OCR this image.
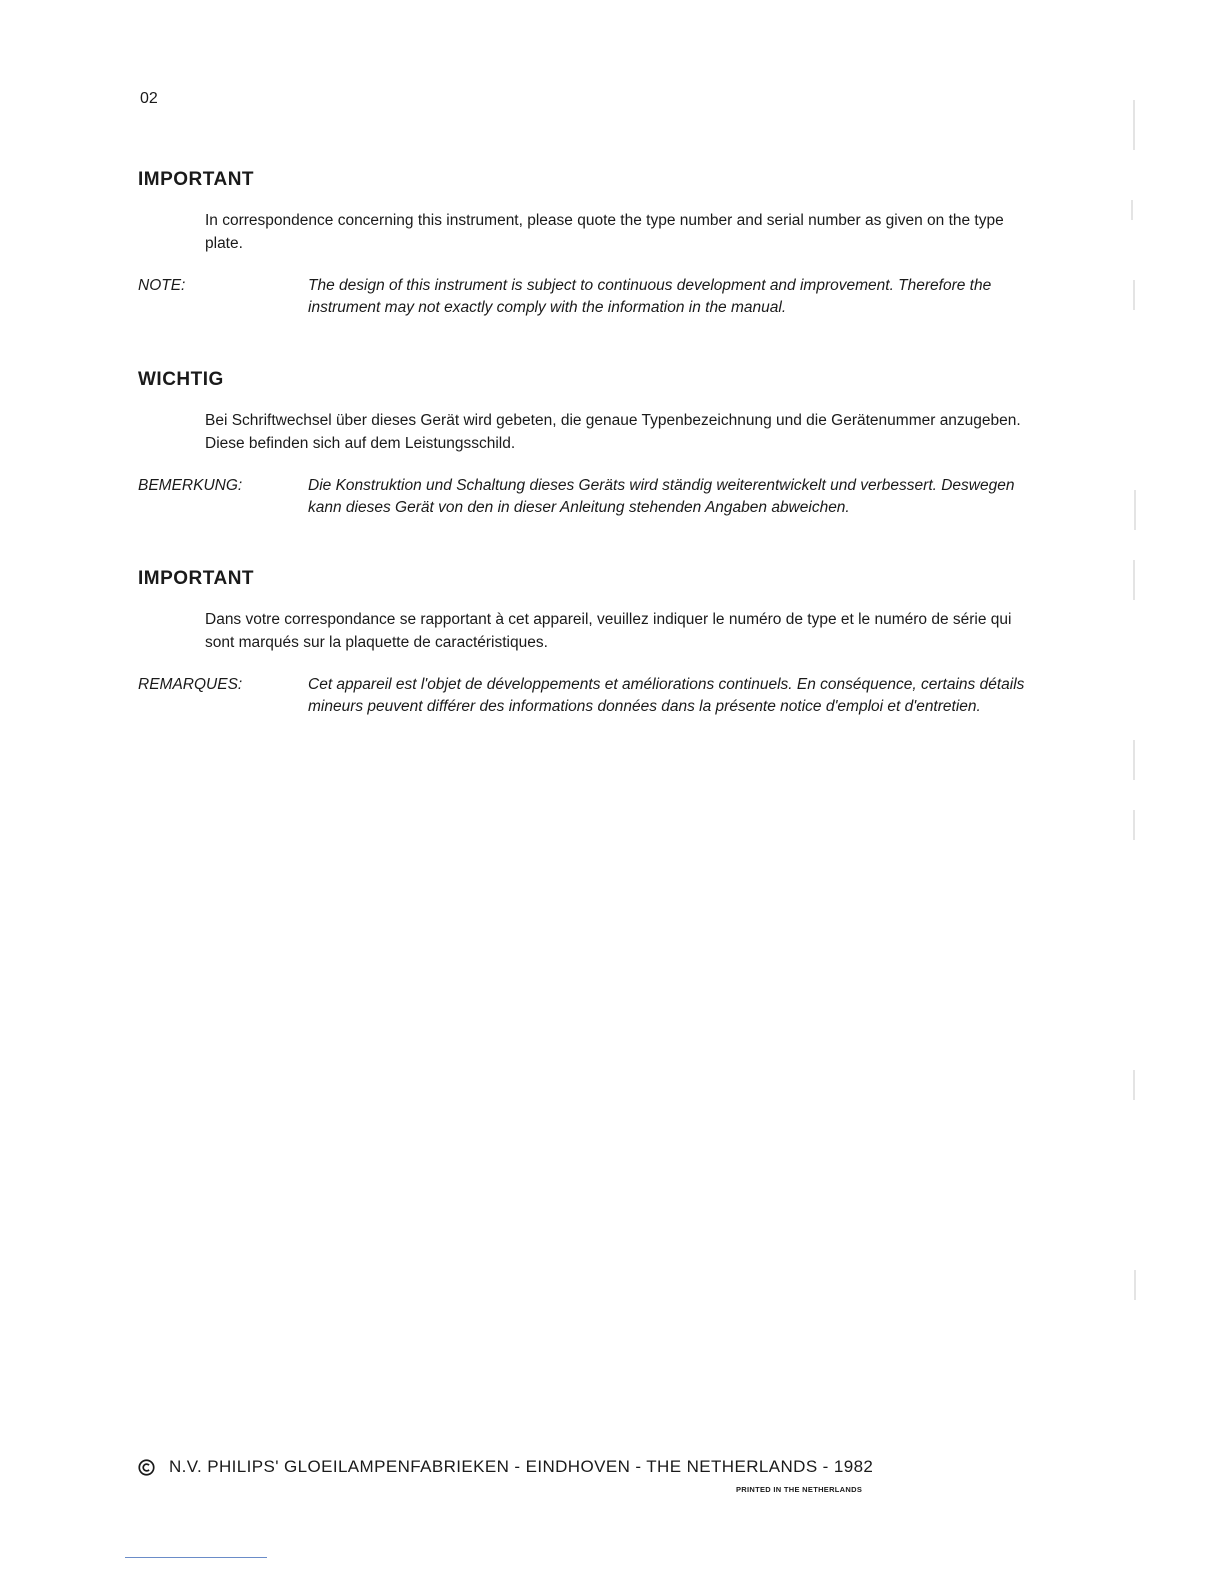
02
IMPORTANT

In correspondence concerning this instrument, please quote the type number and serial number as given on the type plate.

NOTE:	The design of this instrument is subject to continuous development and improvement. Therefore the instrument may not exactly comply with the information in the manual.
WICHTIG

Bei Schriftwechsel über dieses Gerät wird gebeten, die genaue Typenbezeichnung und die Gerätenummer anzugeben. Diese befinden sich auf dem Leistungsschild.

BEMERKUNG:	Die Konstruktion und Schaltung dieses Geräts wird ständig weiterentwickelt und verbessert. Deswegen kann dieses Gerät von den in dieser Anleitung stehenden Angaben abweichen.
IMPORTANT

Dans votre correspondance se rapportant à cet appareil, veuillez indiquer le numéro de type et le numéro de série qui sont marqués sur la plaquette de caractéristiques.

REMARQUES:	Cet appareil est l'objet de développements et améliorations continuels. En conséquence, certains détails mineurs peuvent différer des informations données dans la présente notice d'emploi et d'entretien.
N.V. PHILIPS' GLOEILAMPENFABRIEKEN - EINDHOVEN - THE NETHERLANDS - 1982
PRINTED IN THE NETHERLANDS
